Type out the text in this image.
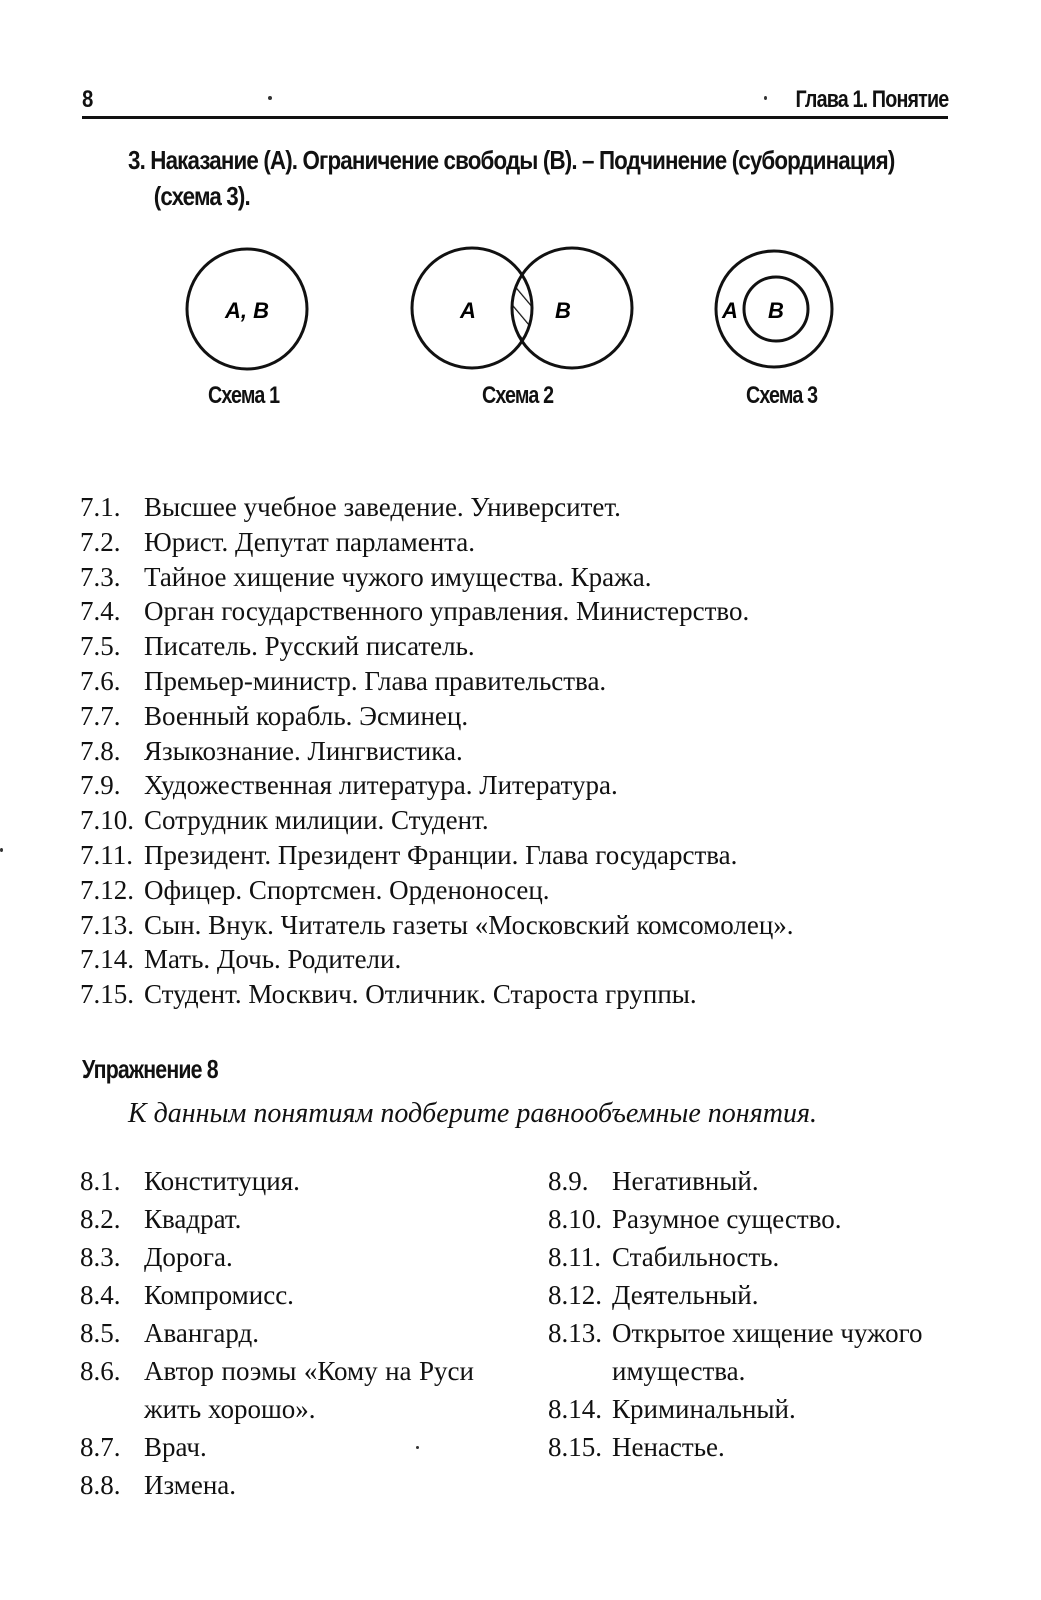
8	Глава 1. Понятие
3. Наказание (А). Ограничение свободы (В). – Подчинение (субординация)
(схема 3).
А, В	А	В	А В
Схема 1	Схема 2	Схема 3
7.1. Высшее учебное заведение. Университет.
7.2. Юрист. Депутат парламента.
7.3. Тайное хищение чужого имущества. Кража.
7.4. Орган государственного управления. Министерство.
7.5. Писатель. Русский писатель.
7.6. Премьер-министр. Глава правительства.
7.7. Военный корабль. Эсминец.
7.8. Языкознание. Лингвистика.
7.9. Художественная литература. Литература.
7.10. Сотрудник милиции. Студент.
7.11. Президент. Президент Франции. Глава государства.
7.12. Офицер. Спортсмен. Орденоносец.
7.13. Сын. Внук. Читатель газеты «Московский комсомолец».
7.14. Мать. Дочь. Родители.
7.15. Студент. Москвич. Отличник. Староста группы.
Упражнение 8
К данным понятиям подберите равнообъемные понятия.
8.1. Конституция.
8.2. Квадрат.
8.3. Дорога.
8.4. Компромисс.
8.5. Авангард.
8.6. Автор поэмы «Кому на Руси жить хорошо».
8.7. Врач.
8.8. Измена.
8.9. Негативный.
8.10. Разумное существо.
8.11. Стабильность.
8.12. Деятельный.
8.13. Открытое хищение чужого имущества.
8.14. Криминальный.
8.15. Ненастье.
